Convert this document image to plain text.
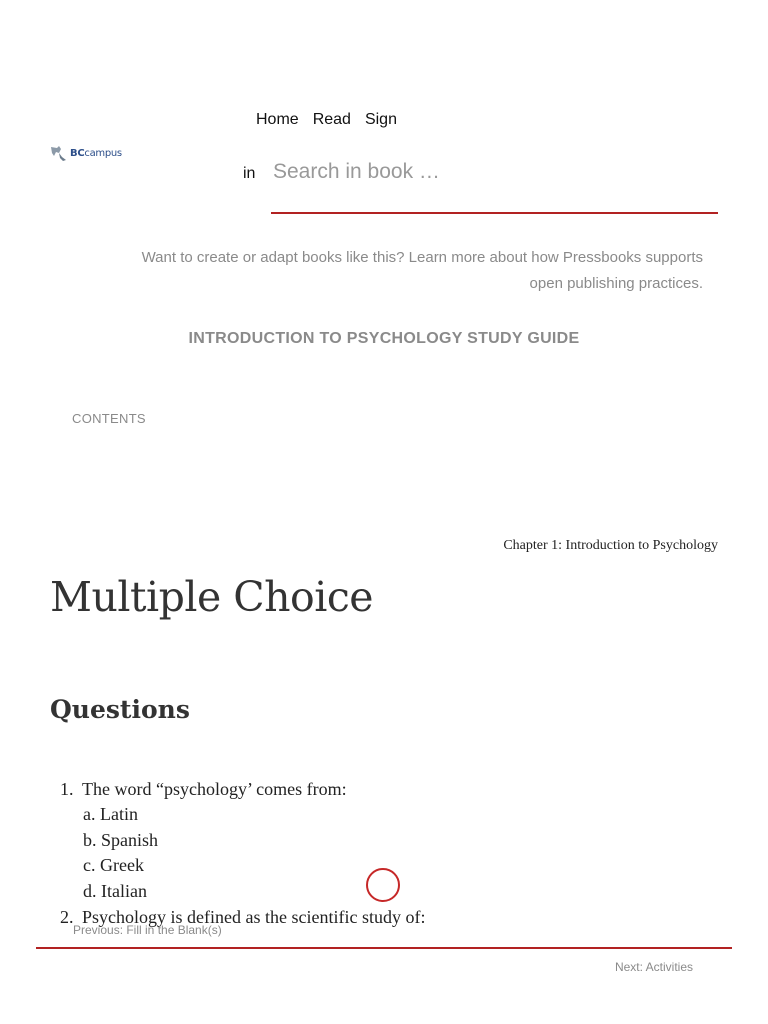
BCcampus
Home Read Sign
in
Search in book …
Want to create or adapt books like this? Learn more about how Pressbooks supports
open publishing practices.
INTRODUCTION TO PSYCHOLOGY STUDY GUIDE
CONTENTS
Chapter 1: Introduction to Psychology
Multiple Choice
Questions
1. The word “psychology’ comes from:
a. Latin
b. Spanish
c. Greek
d. Italian
2. Psychology is defined as the scientific study of:
Previous: Fill in the Blank(s)
Next: Activities
